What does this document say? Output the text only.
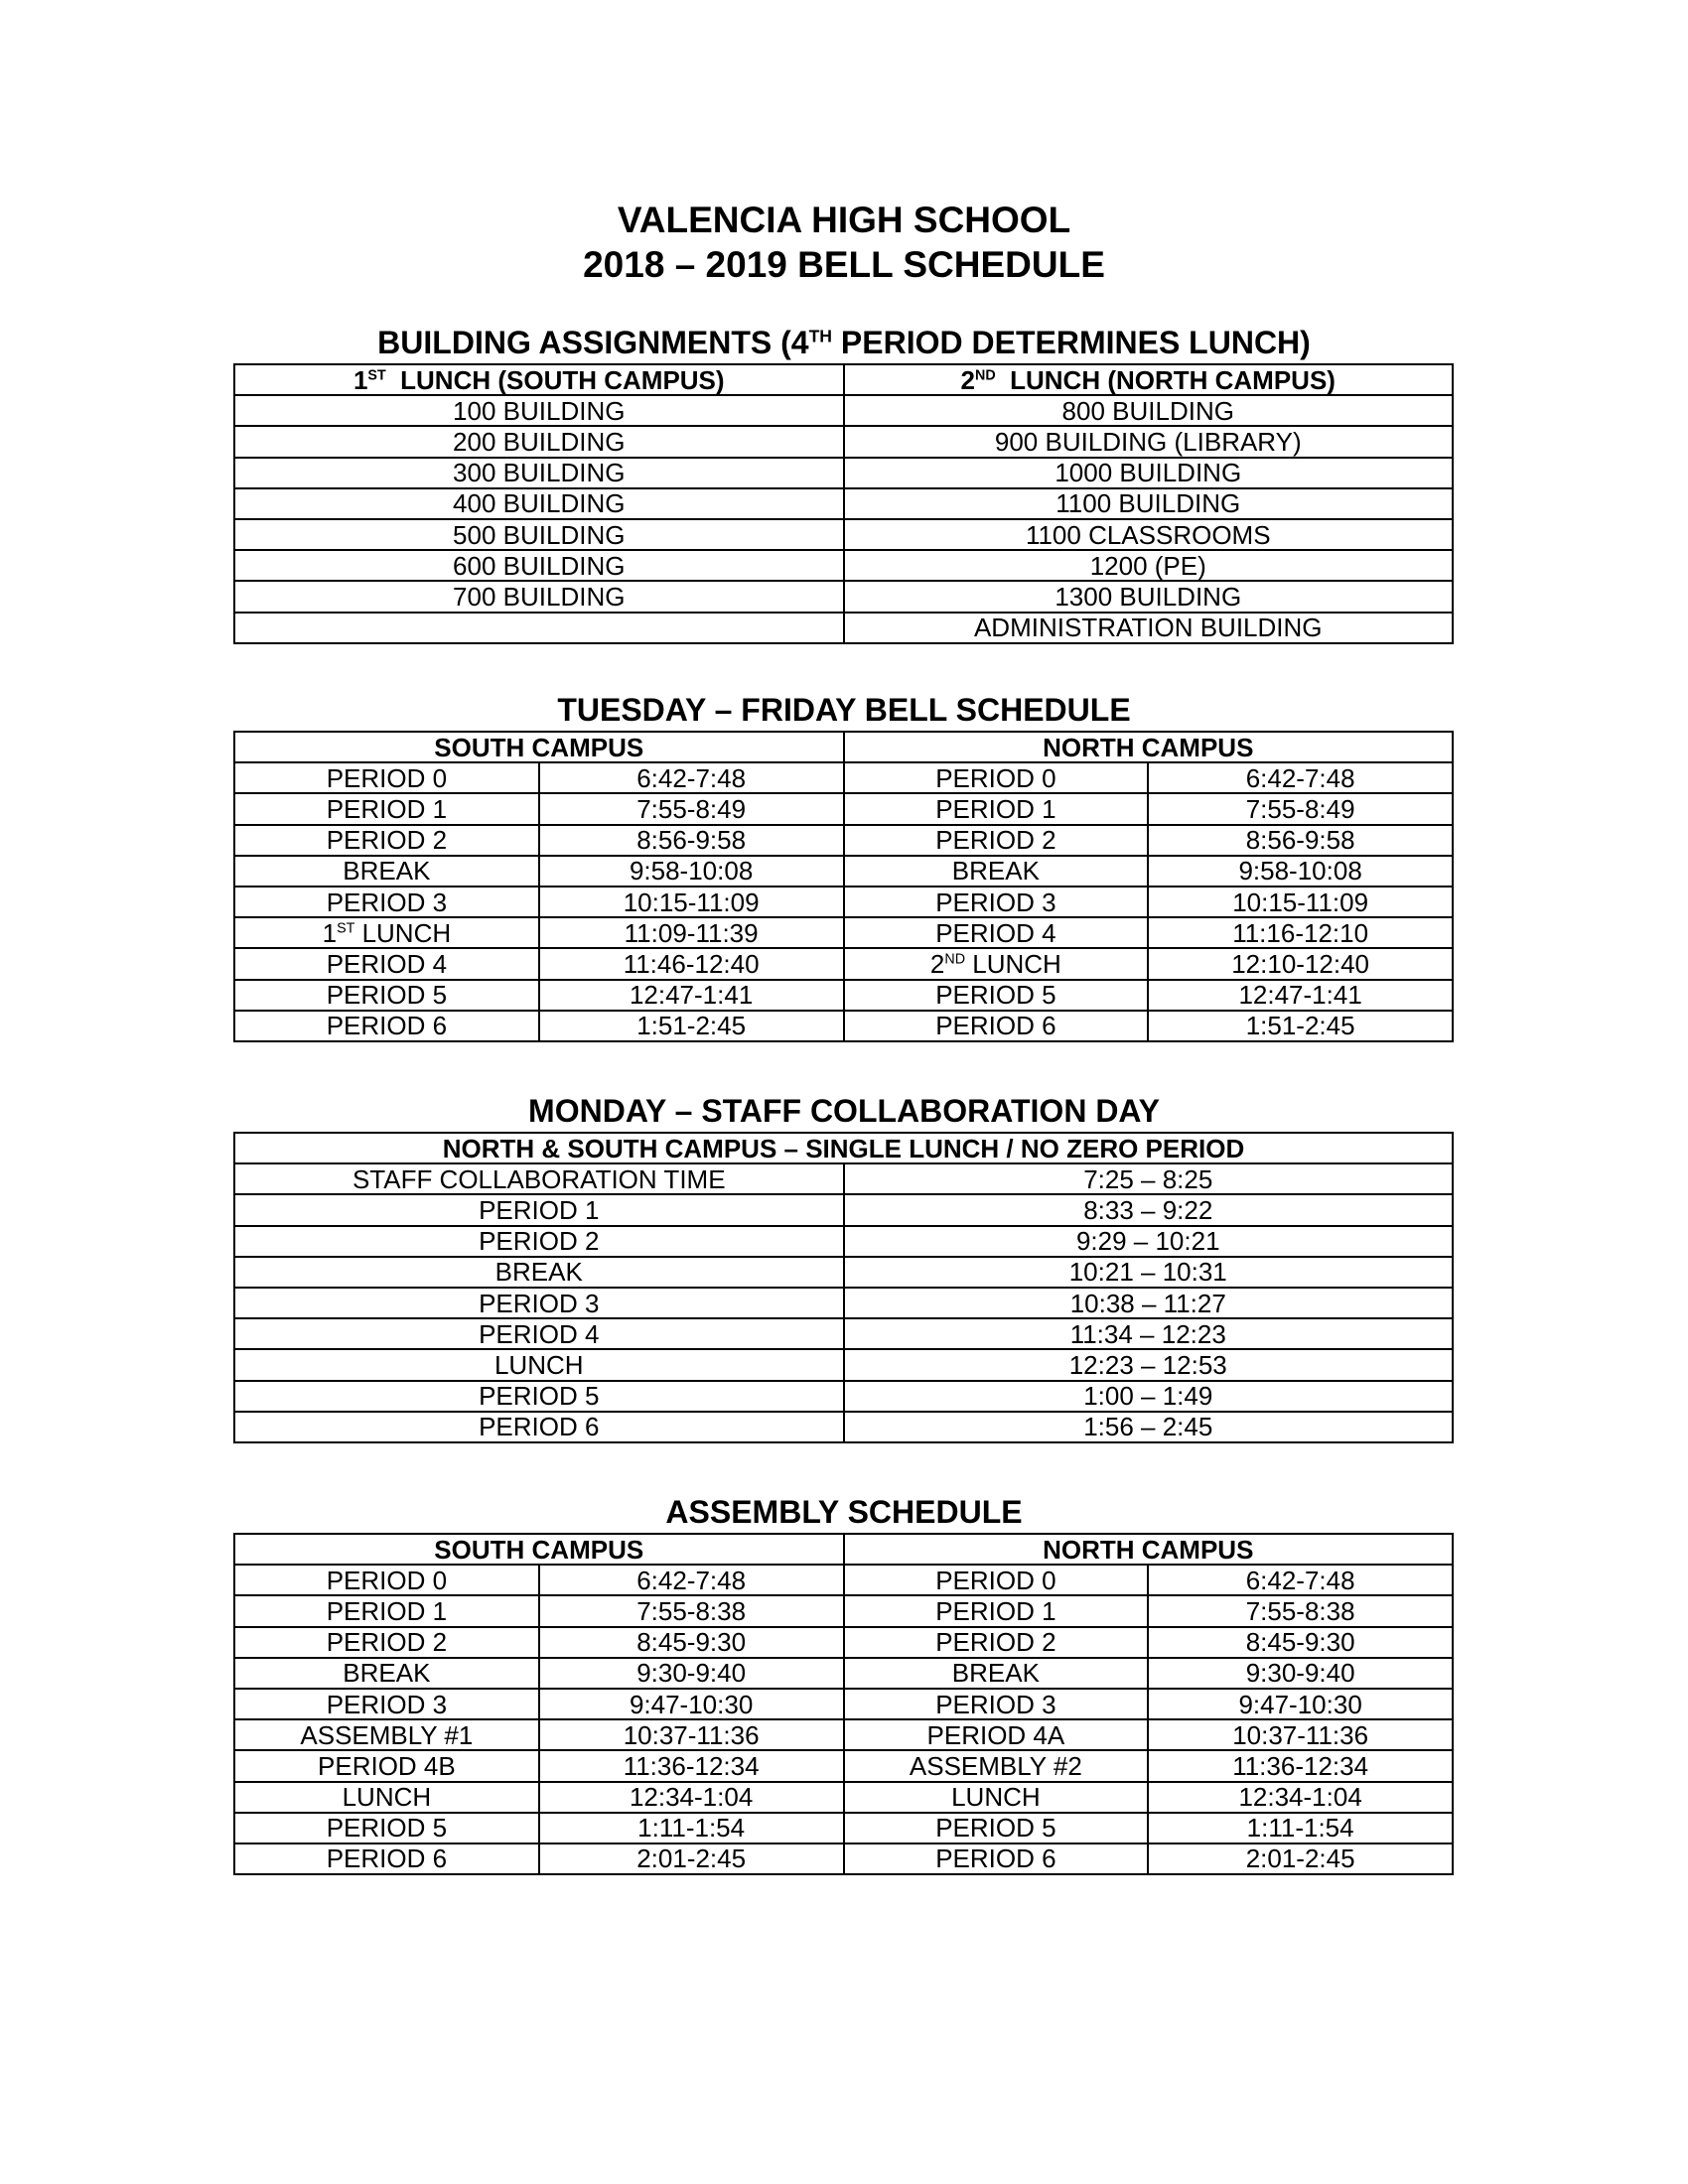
VALENCIA HIGH SCHOOL
2018 – 2019 BELL SCHEDULE
BUILDING ASSIGNMENTS (4TH PERIOD DETERMINES LUNCH)
1ST  LUNCH (SOUTH CAMPUS)	2ND  LUNCH (NORTH CAMPUS)
100 BUILDING	800 BUILDING
200 BUILDING	900 BUILDING (LIBRARY)
300 BUILDING	1000 BUILDING
400 BUILDING	1100 BUILDING
500 BUILDING	1100 CLASSROOMS
600 BUILDING	1200 (PE)
700 BUILDING	1300 BUILDING
	ADMINISTRATION BUILDING
TUESDAY – FRIDAY BELL SCHEDULE
SOUTH CAMPUS		NORTH CAMPUS	
PERIOD 0	6:42-7:48	PERIOD 0	6:42-7:48
PERIOD 1	7:55-8:49	PERIOD 1	7:55-8:49
PERIOD 2	8:56-9:58	PERIOD 2	8:56-9:58
BREAK	9:58-10:08	BREAK	9:58-10:08
PERIOD 3	10:15-11:09	PERIOD 3	10:15-11:09
1ST LUNCH	11:09-11:39	PERIOD 4	11:16-12:10
PERIOD 4	11:46-12:40	2ND LUNCH	12:10-12:40
PERIOD 5	12:47-1:41	PERIOD 5	12:47-1:41
PERIOD 6	1:51-2:45	PERIOD 6	1:51-2:45
MONDAY – STAFF COLLABORATION DAY
NORTH & SOUTH CAMPUS – SINGLE LUNCH / NO ZERO PERIOD	
STAFF COLLABORATION TIME	7:25 – 8:25
PERIOD 1	8:33 – 9:22
PERIOD 2	9:29 – 10:21
BREAK	10:21 – 10:31
PERIOD 3	10:38 – 11:27
PERIOD 4	11:34 – 12:23
LUNCH	12:23 – 12:53
PERIOD 5	1:00 – 1:49
PERIOD 6	1:56 – 2:45
ASSEMBLY SCHEDULE
SOUTH CAMPUS		NORTH CAMPUS	
PERIOD 0	6:42-7:48	PERIOD 0	6:42-7:48
PERIOD 1	7:55-8:38	PERIOD 1	7:55-8:38
PERIOD 2	8:45-9:30	PERIOD 2	8:45-9:30
BREAK	9:30-9:40	BREAK	9:30-9:40
PERIOD 3	9:47-10:30	PERIOD 3	9:47-10:30
ASSEMBLY #1	10:37-11:36	PERIOD 4A	10:37-11:36
PERIOD 4B	11:36-12:34	ASSEMBLY #2	11:36-12:34
LUNCH	12:34-1:04	LUNCH	12:34-1:04
PERIOD 5	1:11-1:54	PERIOD 5	1:11-1:54
PERIOD 6	2:01-2:45	PERIOD 6	2:01-2:45
